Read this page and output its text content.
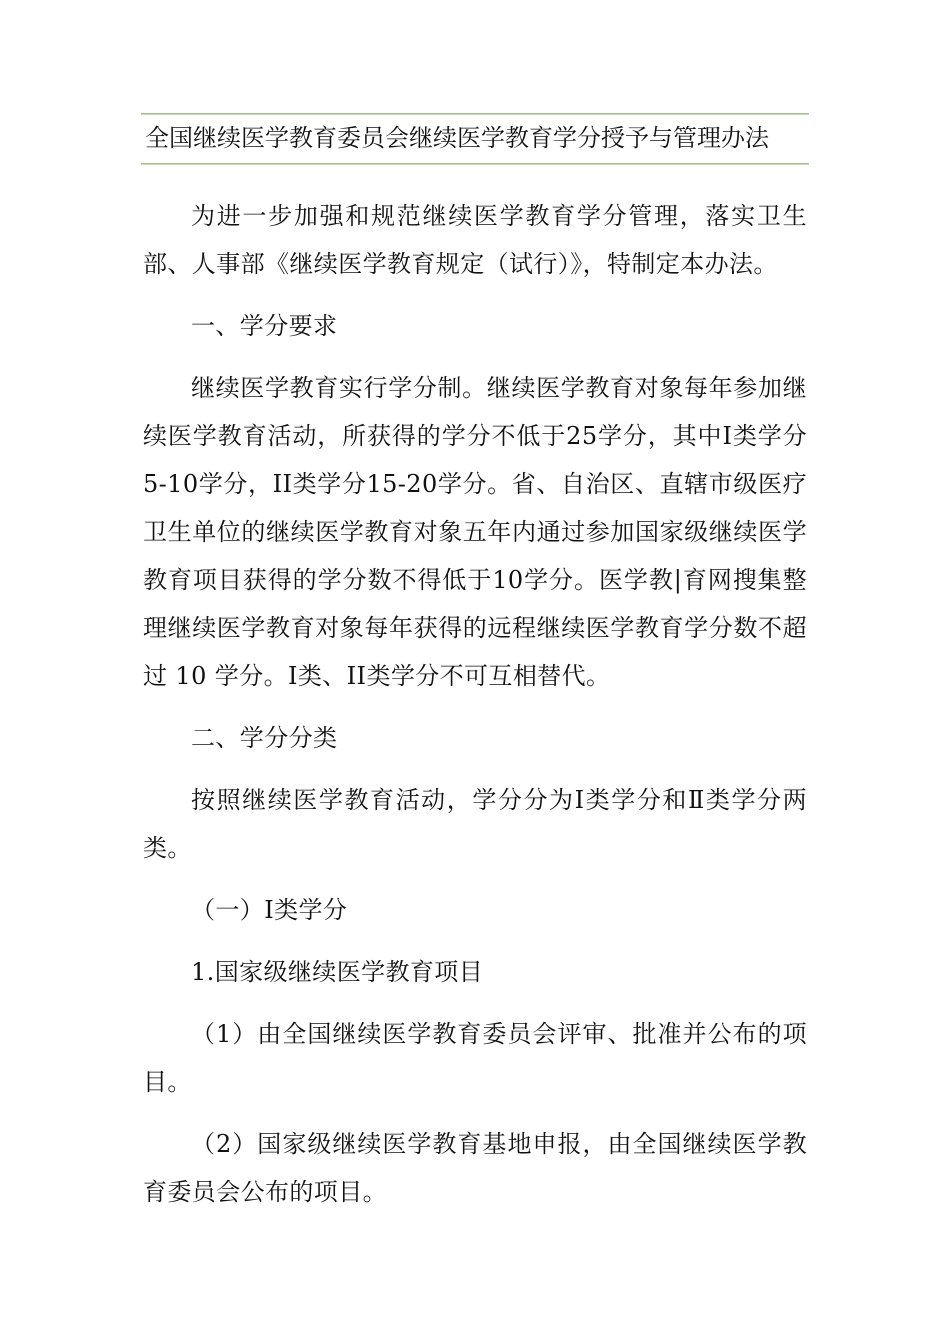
全国继续医学教育委员会继续医学教育学分授予与管理办法

为进一步加强和规范继续医学教育学分管理，落实卫生部、人事部《继续医学教育规定（试行）》，特制定本办法。

一、学分要求

继续医学教育实行学分制。继续医学教育对象每年参加继续医学教育活动，所获得的学分不低于25学分，其中I类学分5-10学分，II类学分15-20学分。省、自治区、直辖市级医疗卫生单位的继续医学教育对象五年内通过参加国家级继续医学教育项目获得的学分数不得低于10学分。医学教|育网搜集整理继续医学教育对象每年获得的远程继续医学教育学分数不超过 10 学分。I类、II类学分不可互相替代。

二、学分分类

按照继续医学教育活动，学分分为Ⅰ类学分和Ⅱ类学分两类。

（一）Ⅰ类学分

1.国家级继续医学教育项目

（1）由全国继续医学教育委员会评审、批准并公布的项目。

（2）国家级继续医学教育基地申报，由全国继续医学教育委员会公布的项目。
